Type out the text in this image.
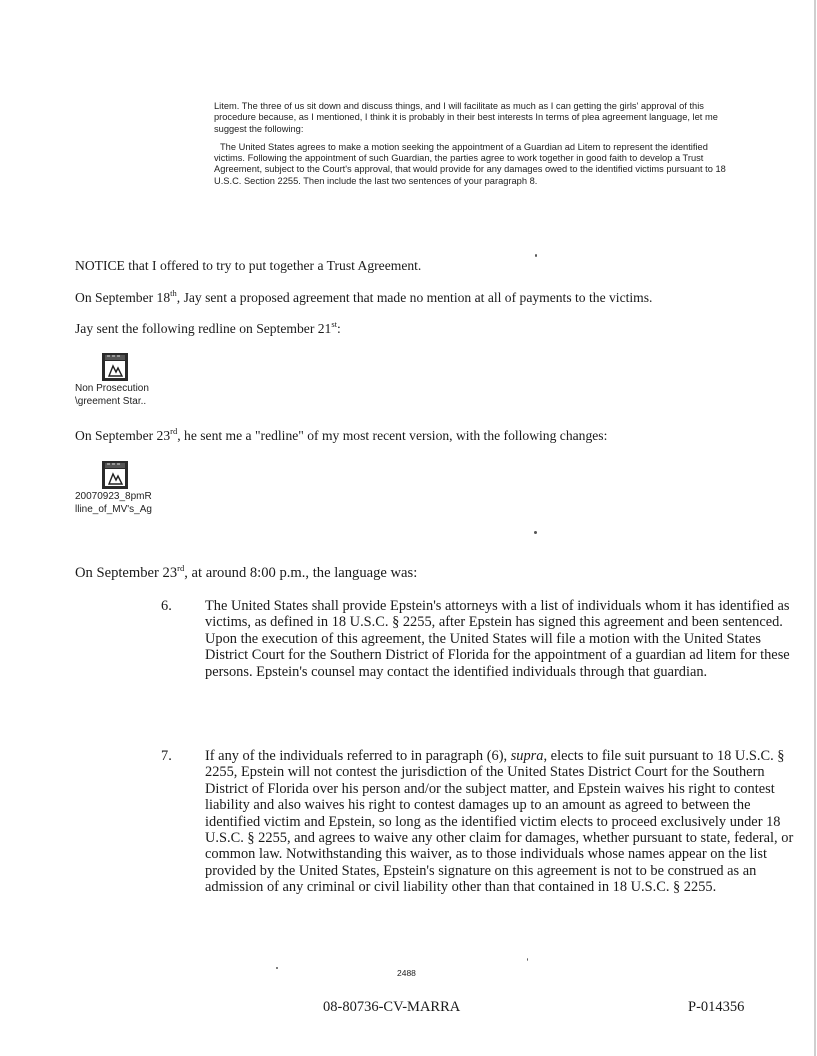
Litem. The three of us sit down and discuss things, and I will facilitate as much as I can getting the girls' approval of this procedure because, as I mentioned, I think it is probably in their best interests In terms of plea agreement language, let me suggest the following:

The United States agrees to make a motion seeking the appointment of a Guardian ad Litem to represent the identified victims. Following the appointment of such Guardian, the parties agree to work together in good faith to develop a Trust Agreement, subject to the Court's approval, that would provide for any damages owed to the identified victims pursuant to 18 U.S.C. Section 2255. Then include the last two sentences of your paragraph 8.

NOTICE that I offered to try to put together a Trust Agreement.
On September 18th, Jay sent a proposed agreement that made no mention at all of payments to the victims.
Jay sent the following redline on September 21st:
Non Prosecution
\greement Star..
On September 23rd, he sent me a "redline" of my most recent version, with the following changes:
20070923_8pmR
lline_of_MV's_Ag
On September 23rd, at around 8:00 p.m., the language was:
6. The United States shall provide Epstein's attorneys with a list of individuals whom it has identified as victims, as defined in 18 U.S.C. § 2255, after Epstein has signed this agreement and been sentenced. Upon the execution of this agreement, the United States will file a motion with the United States District Court for the Southern District of Florida for the appointment of a guardian ad litem for these persons. Epstein's counsel may contact the identified individuals through that guardian.
7. If any of the individuals referred to in paragraph (6), supra, elects to file suit pursuant to 18 U.S.C. § 2255, Epstein will not contest the jurisdiction of the United States District Court for the Southern District of Florida over his person and/or the subject matter, and Epstein waives his right to contest liability and also waives his right to contest damages up to an amount as agreed to between the identified victim and Epstein, so long as the identified victim elects to proceed exclusively under 18 U.S.C. § 2255, and agrees to waive any other claim for damages, whether pursuant to state, federal, or common law. Notwithstanding this waiver, as to those individuals whose names appear on the list provided by the United States, Epstein's signature on this agreement is not to be construed as an admission of any criminal or civil liability other than that contained in 18 U.S.C. § 2255.
2488
08-80736-CV-MARRA	P-014356
